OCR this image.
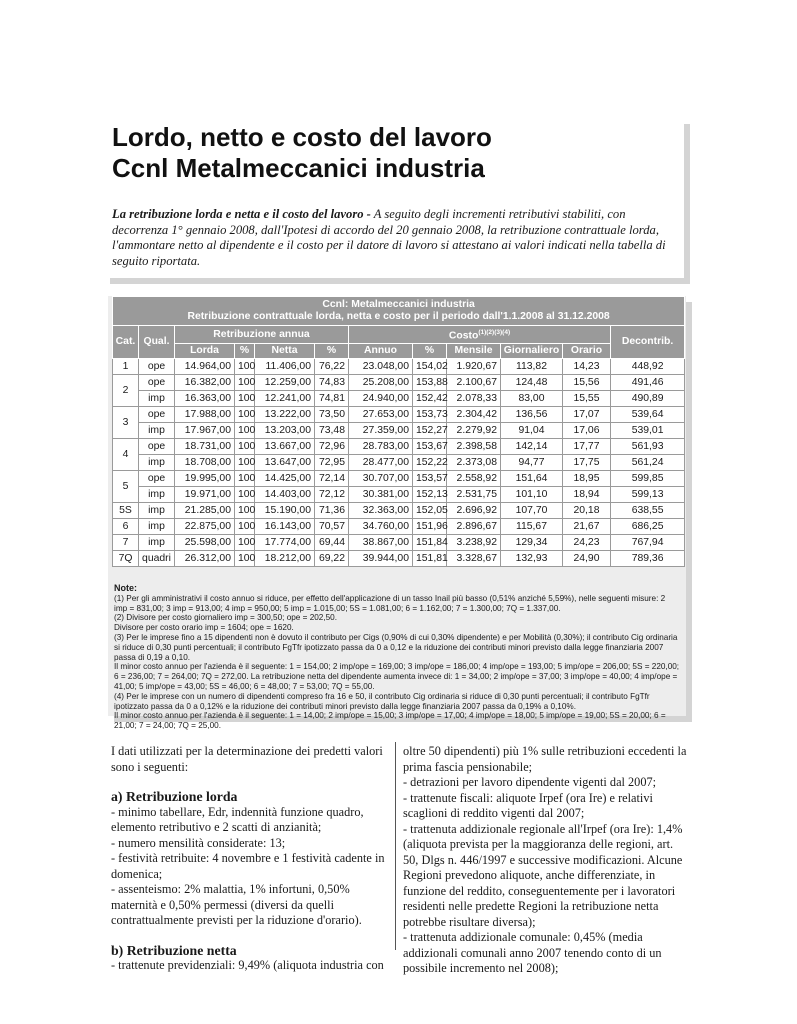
Lordo, netto e costo del lavoro
Ccnl Metalmeccanici industria

La retribuzione lorda e netta e il costo del lavoro - A seguito degli incrementi retributivi stabiliti, con decorrenza 1° gennaio 2008, dall'Ipotesi di accordo del 20 gennaio 2008, la retribuzione contrattuale lorda, l'ammontare netto al dipendente e il costo per il datore di lavoro si attestano ai valori indicati nella tabella di seguito riportata.

Ccnl: Metalmeccanici industria
Retribuzione contrattuale lorda, netta e costo per il periodo dall'1.1.2008 al 31.12.2008											
Cat.	Qual.	Retribuzione annua				Costo$^{(1)(2)(3)(4)}$					Decontrib.
		Lorda	%	Netta	%	Annuo	%	Mensile	Giornaliero	Orario	
1	ope	14.964,00	100	11.406,00	76,22	23.048,00	154,02	1.920,67	113,82	14,23	448,92
2	ope	16.382,00	100	12.259,00	74,83	25.208,00	153,88	2.100,67	124,48	15,56	491,46
	imp	16.363,00	100	12.241,00	74,81	24.940,00	152,42	2.078,33	83,00	15,55	490,89
3	ope	17.988,00	100	13.222,00	73,50	27.653,00	153,73	2.304,42	136,56	17,07	539,64
	imp	17.967,00	100	13.203,00	73,48	27.359,00	152,27	2.279,92	91,04	17,06	539,01
4	ope	18.731,00	100	13.667,00	72,96	28.783,00	153,67	2.398,58	142,14	17,77	561,93
	imp	18.708,00	100	13.647,00	72,95	28.477,00	152,22	2.373,08	94,77	17,75	561,24
5	ope	19.995,00	100	14.425,00	72,14	30.707,00	153,57	2.558,92	151,64	18,95	599,85
	imp	19.971,00	100	14.403,00	72,12	30.381,00	152,13	2.531,75	101,10	18,94	599,13
5S	imp	21.285,00	100	15.190,00	71,36	32.363,00	152,05	2.696,92	107,70	20,18	638,55
6	imp	22.875,00	100	16.143,00	70,57	34.760,00	151,96	2.896,67	115,67	21,67	686,25
7	imp	25.598,00	100	17.774,00	69,44	38.867,00	151,84	3.238,92	129,34	24,23	767,94
7Q	quadri	26.312,00	100	18.212,00	69,22	39.944,00	151,81	3.328,67	132,93	24,90	789,36
Note:
(1) Per gli amministrativi il costo annuo si riduce, per effetto dell'applicazione di un tasso Inail più basso (0,51% anziché 5,59%), nelle seguenti misure: 2 imp = 831,00; 3 imp = 913,00; 4 imp = 950,00; 5 imp = 1.015,00; 5S = 1.081,00; 6 = 1.162,00; 7 = 1.300,00; 7Q = 1.337,00.
(2) Divisore per costo giornaliero imp = 300,50; ope = 202,50.
Divisore per costo orario imp = 1604; ope = 1620.
(3) Per le imprese fino a 15 dipendenti non è dovuto il contributo per Cigs (0,90% di cui 0,30% dipendente) e per Mobilità (0,30%); il contributo Cig ordinaria si riduce di 0,30 punti percentuali; il contributo FgTfr ipotizzato passa da 0 a 0,12 e la riduzione dei contributi minori previsto dalla legge finanziaria 2007 passa di 0,19 a 0,10.
Il minor costo annuo per l'azienda è il seguente: 1 = 154,00; 2 imp/ope = 169,00; 3 imp/ope = 186,00; 4 imp/ope = 193,00; 5 imp/ope = 206,00; 5S = 220,00; 6 = 236,00; 7 = 264,00; 7Q = 272,00. La retribuzione netta del dipendente aumenta invece di: 1 = 34,00; 2 imp/ope = 37,00; 3 imp/ope = 40,00; 4 imp/ope = 41,00; 5 imp/ope = 43,00; 5S = 46,00; 6 = 48,00; 7 = 53,00; 7Q = 55,00.
(4) Per le imprese con un numero di dipendenti compreso fra 16 e 50, il contributo Cig ordinaria si riduce di 0,30 punti percentuali; il contributo FgTfr ipotizzato passa da 0 a 0,12% e la riduzione dei contributi minori previsto dalla legge finanziaria 2007 passa da 0,19% a 0,10%.
Il minor costo annuo per l'azienda è il seguente: 1 = 14,00; 2 imp/ope = 15,00; 3 imp/ope = 17,00; 4 imp/ope = 18,00; 5 imp/ope = 19,00; 5S = 20,00; 6 = 21,00; 7 = 24,00; 7Q = 25,00.

I dati utilizzati per la determinazione dei predetti valori sono i seguenti:

a) Retribuzione lorda

- minimo tabellare, Edr, indennità funzione quadro, elemento retributivo e 2 scatti di anzianità;

- numero mensilità considerate: 13;

- festività retribuite: 4 novembre e 1 festività cadente in domenica;

- assenteismo: 2% malattia, 1% infortuni, 0,50% maternità e 0,50% permessi (diversi da quelli contrattualmente previsti per la riduzione d'orario).

b) Retribuzione netta

- trattenute previdenziali: 9,49% (aliquota industria con

oltre 50 dipendenti) più 1% sulle retribuzioni eccedenti la prima fascia pensionabile;

- detrazioni per lavoro dipendente vigenti dal 2007;

- trattenute fiscali: aliquote Irpef (ora Ire) e relativi scaglioni di reddito vigenti dal 2007;

- trattenuta addizionale regionale all'Irpef (ora Ire): 1,4% (aliquota prevista per la maggioranza delle regioni, art. 50, Dlgs n. 446/1997 e successive modificazioni. Alcune Regioni prevedono aliquote, anche differenziate, in funzione del reddito, conseguentemente per i lavoratori residenti nelle predette Regioni la retribuzione netta potrebbe risultare diversa);

- trattenuta addizionale comunale: 0,45% (media addizionali comunali anno 2007 tenendo conto di un possibile incremento nel 2008);
